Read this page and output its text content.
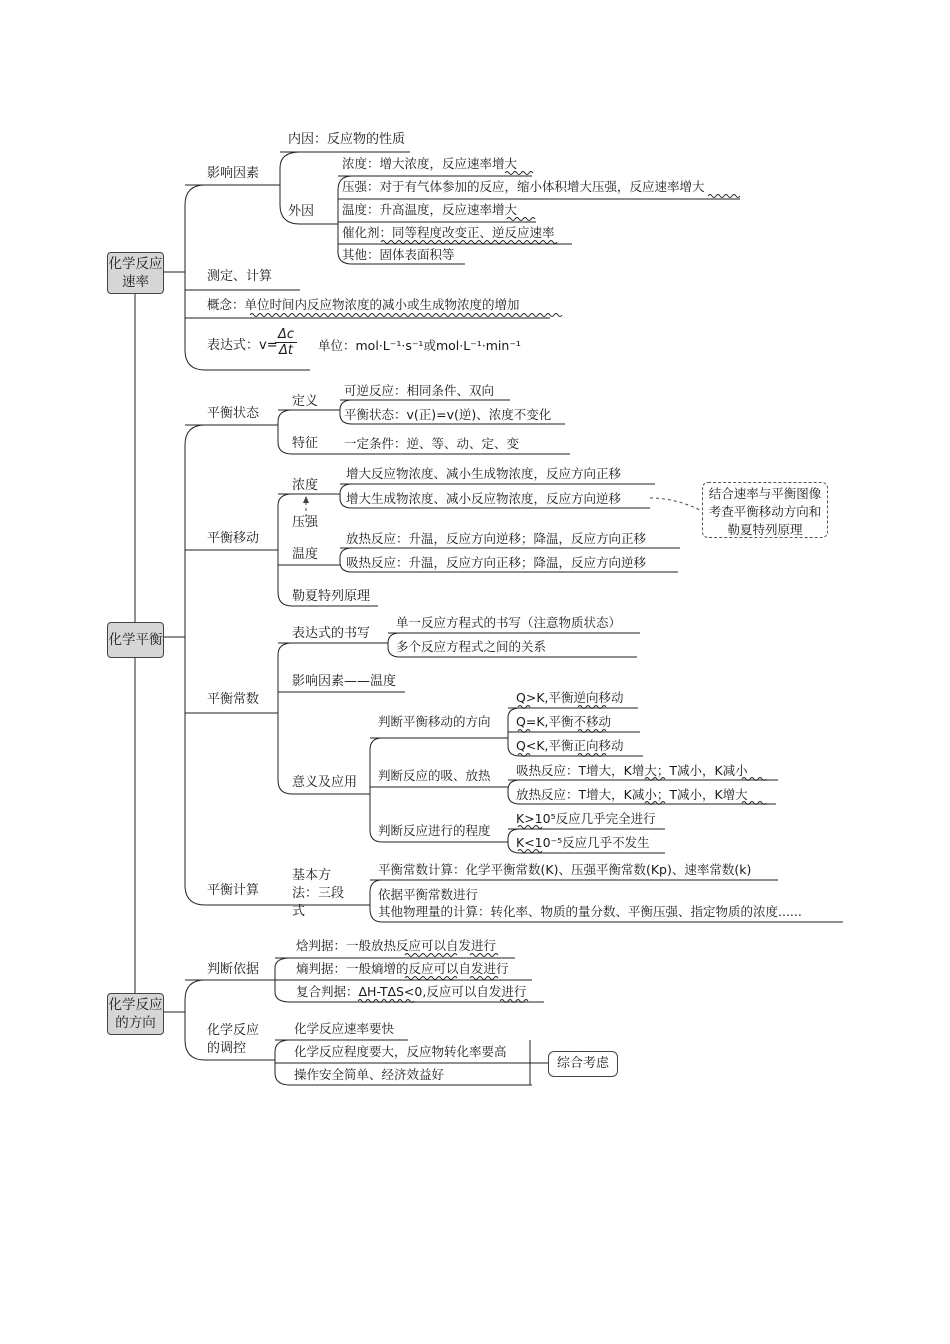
化学反应速率
化学平衡
化学反应的方向
影响因素
内因：反应物的性质
外因
浓度：增大浓度，反应速率增大
压强：对于有气体参加的反应，缩小体积增大压强，反应速率增大
温度：升高温度，反应速率增大
催化剂：同等程度改变正、逆反应速率
其他：固体表面积等
测定、计算
概念：单位时间内反应物浓度的减小或生成物浓度的增加
表达式：v=
$\frac{\Delta c}{\Delta t}$ 单位：mol·L⁻¹·s⁻¹或mol·L⁻¹·min⁻¹
平衡状态
定义
可逆反应：相同条件、双向
平衡状态：v(正)=v(逆)、浓度不变化
特征 一定条件：逆、等、动、定、变
平衡移动
浓度
增大反应物浓度、减小生成物浓度，反应方向正移
增大生成物浓度、减小反应物浓度，反应方向逆移	结合速率与平衡图像考查平衡移动方向和勒夏特列原理
压强
温度
放热反应：升温，反应方向逆移；降温，反应方向正移
吸热反应：升温，反应方向正移；降温，反应方向逆移
勒夏特列原理
平衡常数
表达式的书写
单一反应方程式的书写（注意物质状态）
多个反应方程式之间的关系
影响因素——温度
意义及应用
判断平衡移动的方向
Q>K,平衡逆向移动
Q=K,平衡不移动
Q<K,平衡正向移动
判断反应的吸、放热 吸热反应：T增大，K增大；T减小，K减小
放热反应：T增大，K减小；T减小，K增大
判断反应进行的程度
K>10⁵反应几乎完全进行
K<10⁻⁵反应几乎不发生
平衡计算
基本方法：三段式
平衡常数计算：化学平衡常数(K)、压强平衡常数(Kp)、速率常数(k)
依据平衡常数进行
其他物理量的计算：转化率、物质的量分数、平衡压强、指定物质的浓度......
判断依据
焓判据：一般放热反应可以自发进行
熵判据：一般熵增的反应可以自发进行
复合判据：ΔH-TΔS<0,反应可以自发进行
化学反应的调控
化学反应速率要快
化学反应程度要大，反应物转化率要高
操作安全简单、经济效益好
综合考虑
